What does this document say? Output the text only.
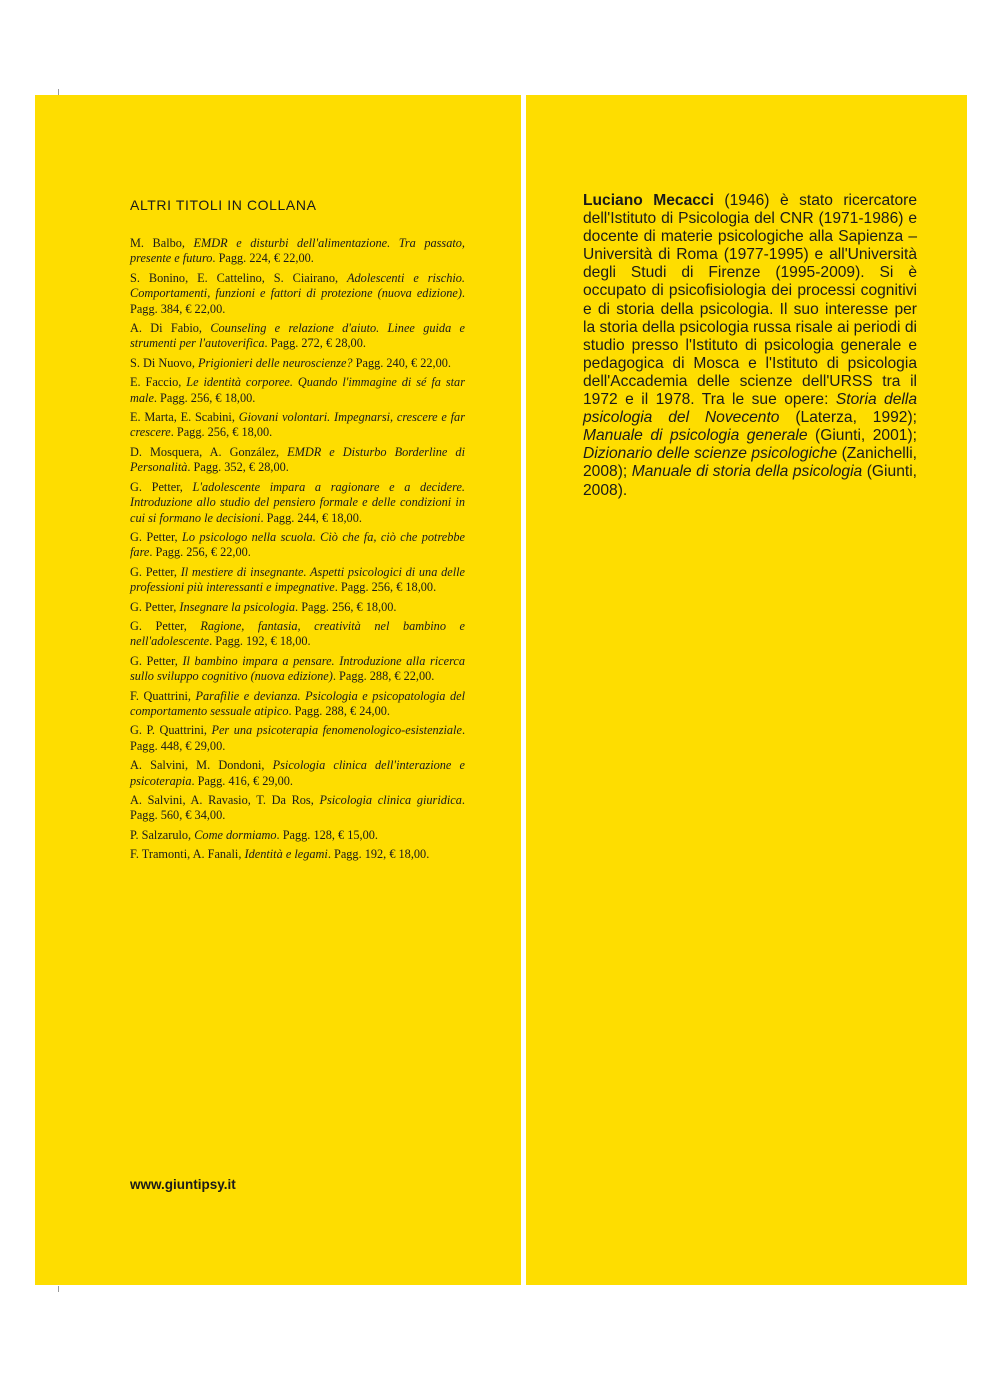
ALTRI TITOLI IN COLLANA
M. Balbo, EMDR e disturbi dell'alimentazione. Tra passato, presente e futuro. Pagg. 224, € 22,00.
S. Bonino, E. Cattelino, S. Ciairano, Adolescenti e rischio. Comportamenti, funzioni e fattori di protezione (nuova edizione). Pagg. 384, € 22,00.
A. Di Fabio, Counseling e relazione d'aiuto. Linee guida e strumenti per l'autoverifica. Pagg. 272, € 28,00.
S. Di Nuovo, Prigionieri delle neuroscienze? Pagg. 240, € 22,00.
E. Faccio, Le identità corporee. Quando l'immagine di sé fa star male. Pagg. 256, € 18,00.
E. Marta, E. Scabini, Giovani volontari. Impegnarsi, crescere e far crescere. Pagg. 256, € 18,00.
D. Mosquera, A. González, EMDR e Disturbo Borderline di Personalità. Pagg. 352, € 28,00.
G. Petter, L'adolescente impara a ragionare e a decidere. Introduzione allo studio del pensiero formale e delle condizioni in cui si formano le decisioni. Pagg. 244, € 18,00.
G. Petter, Lo psicologo nella scuola. Ciò che fa, ciò che potrebbe fare. Pagg. 256, € 22,00.
G. Petter, Il mestiere di insegnante. Aspetti psicologici di una delle professioni più interessanti e impegnative. Pagg. 256, € 18,00.
G. Petter, Insegnare la psicologia. Pagg. 256, € 18,00.
G. Petter, Ragione, fantasia, creatività nel bambino e nell'adolescente. Pagg. 192, € 18,00.
G. Petter, Il bambino impara a pensare. Introduzione alla ricerca sullo sviluppo cognitivo (nuova edizione). Pagg. 288, € 22,00.
F. Quattrini, Parafilie e devianza. Psicologia e psicopatologia del comportamento sessuale atipico. Pagg. 288, € 24,00.
G. P. Quattrini, Per una psicoterapia fenomenologico-esistenziale. Pagg. 448, € 29,00.
A. Salvini, M. Dondoni, Psicologia clinica dell'interazione e psicoterapia. Pagg. 416, € 29,00.
A. Salvini, A. Ravasio, T. Da Ros, Psicologia clinica giuridica. Pagg. 560, € 34,00.
P. Salzarulo, Come dormiamo. Pagg. 128, € 15,00.
F. Tramonti, A. Fanali, Identità e legami. Pagg. 192, € 18,00.

www.giuntipsy.it

Luciano Mecacci (1946) è stato ricercatore dell'Istituto di Psicologia del CNR (1971-1986) e docente di materie psicologiche alla Sapienza – Università di Roma (1977-1995) e all'Università degli Studi di Firenze (1995-2009). Si è occupato di psicofisiologia dei processi cognitivi e di storia della psicologia. Il suo interesse per la storia della psicologia russa risale ai periodi di studio presso l'Istituto di psicologia generale e pedagogica di Mosca e l'Istituto di psicologia dell'Accademia delle scienze dell'URSS tra il 1972 e il 1978. Tra le sue opere: Storia della psicologia del Novecento (Laterza, 1992); Manuale di psicologia generale (Giunti, 2001); Dizionario delle scienze psicologiche (Zanichelli, 2008); Manuale di storia della psicologia (Giunti, 2008).
